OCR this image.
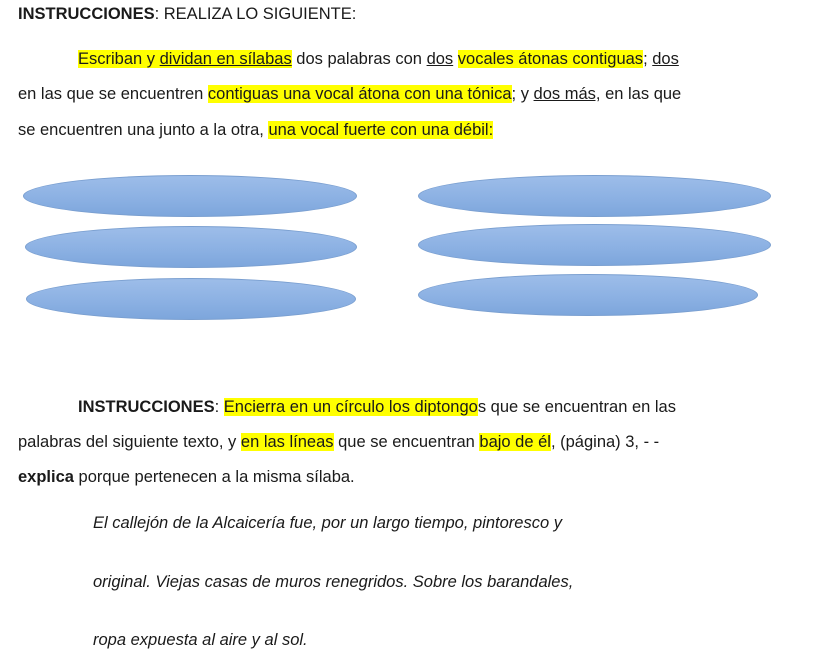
INSTRUCCIONES: REALIZA LO SIGUIENTE:
Escriban y dividan en sílabas dos palabras con dos vocales átonas contiguas; dos
en las que se encuentren contiguas una vocal átona con una tónica; y dos más, en las que
se encuentren una junto a la otra, una vocal fuerte con una débil:
INSTRUCCIONES: Encierra en un círculo los diptongos que se encuentran en las
palabras del siguiente texto, y en las líneas que se encuentran bajo de él, (página) 3, - -
explica porque pertenecen a la misma sílaba.
El callejón de la Alcaicería fue, por un largo tiempo, pintoresco y
original. Viejas casas de muros renegridos. Sobre los barandales,
ropa expuesta al aire y al sol.
